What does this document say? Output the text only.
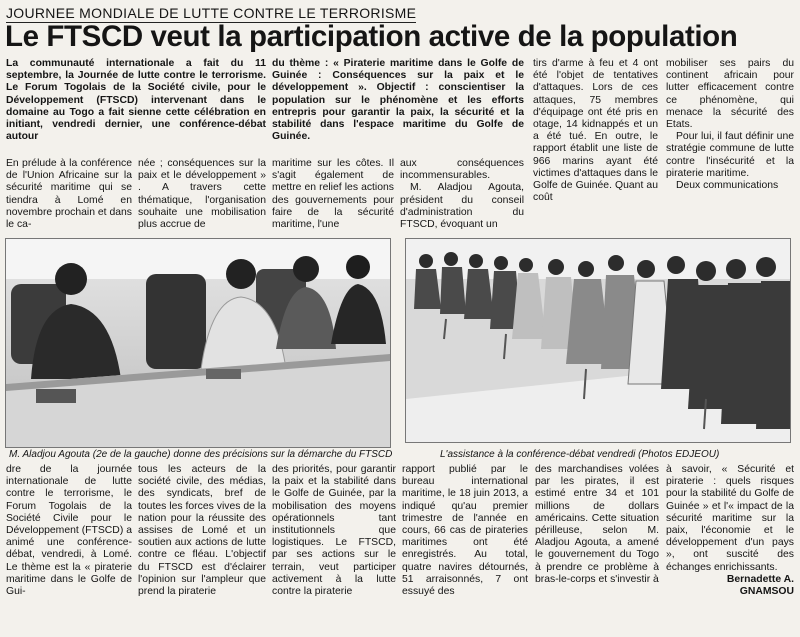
JOURNEE MONDIALE DE LUTTE CONTRE LE TERRORISME
Le FTSCD veut la participation active de la population

La communauté internationale a fait du 11 septembre, la Journée de lutte contre le terrorisme. Le Forum Togolais de la Société civile, pour le Développement (FTSCD) intervenant dans le domaine au Togo a fait sienne cette célébration en initiant, vendredi dernier, une conférence-débat autour

du thème : « Piraterie maritime dans le Golfe de Guinée : Conséquences sur la paix et le développement ». Objectif : conscientiser la population sur le phénomène et les efforts entrepris pour garantir la paix, la sécurité et la stabilité dans l'espace maritime du Golfe de Guinée.

En prélude à la conférence de l'Union Africaine sur la sécurité maritime qui se tiendra à Lomé en novembre prochain et dans le ca-

née ; conséquences sur la paix et le développement » . A travers cette thématique, l'organisation souhaite une mobilisation plus accrue de

maritime sur les côtes. Il s'agit également de mettre en relief les actions des gouvernements pour faire de la sécurité maritime, l'une

aux conséquences incommensurables.

M. Aladjou Agouta, président du conseil d'administration du FTSCD, évoquant un

tirs d'arme à feu et 4 ont été l'objet de tentatives d'attaques. Lors de ces attaques, 75 membres d'équipage ont été pris en otage, 14 kidnappés et un a été tué. En outre, le rapport établit une liste de 966 marins ayant été victimes d'attaques dans le Golfe de Guinée. Quant au coût

mobiliser ses pairs du continent africain pour lutter efficacement contre ce phénomène, qui menace la sécurité des Etats.

Pour lui, il faut définir une stratégie commune de lutte contre l'insécurité et la piraterie maritime.

Deux communications

M. Aladjou Agouta (2e de la gauche) donne des précisions sur la démarche du FTSCD	L'assistance à la conférence-débat vendredi (Photos EDJEOU)

dre de la journée internationale de lutte contre le terrorisme, le Forum Togolais de la Société Civile pour le Développement (FTSCD) a animé une conférence-débat, vendredi, à Lomé. Le thème est la « piraterie maritime dans le Golfe de Gui-

tous les acteurs de la société civile, des médias, des syndicats, bref de toutes les forces vives de la nation pour la réussite des assises de Lomé et un soutien aux actions de lutte contre ce fléau. L'objectif du FTSCD est d'éclairer l'opinion sur l'ampleur que prend la piraterie

des priorités, pour garantir la paix et la stabilité dans le Golfe de Guinée, par la mobilisation des moyens opérationnels tant institutionnels que logistiques. Le FTSCD, par ses actions sur le terrain, veut participer activement à la lutte contre la piraterie

rapport publié par le bureau international maritime, le 18 juin 2013, a indiqué qu'au premier trimestre de l'année en cours, 66 cas de pirateries maritimes ont été enregistrés. Au total, quatre navires détournés, 51 arraisonnés, 7 ont essuyé des

des marchandises volées par les pirates, il est estimé entre 34 et 101 millions de dollars américains. Cette situation périlleuse, selon M. Aladjou Agouta, a amené le gouvernement du Togo à prendre ce problème à bras-le-corps et s'investir à

à savoir, « Sécurité et piraterie : quels risques pour la stabilité du Golfe de Guinée » et l'« impact de la sécurité maritime sur la paix, l'économie et le développement d'un pays », ont suscité des échanges enrichissants.

Bernadette A.
GNAMSOU
